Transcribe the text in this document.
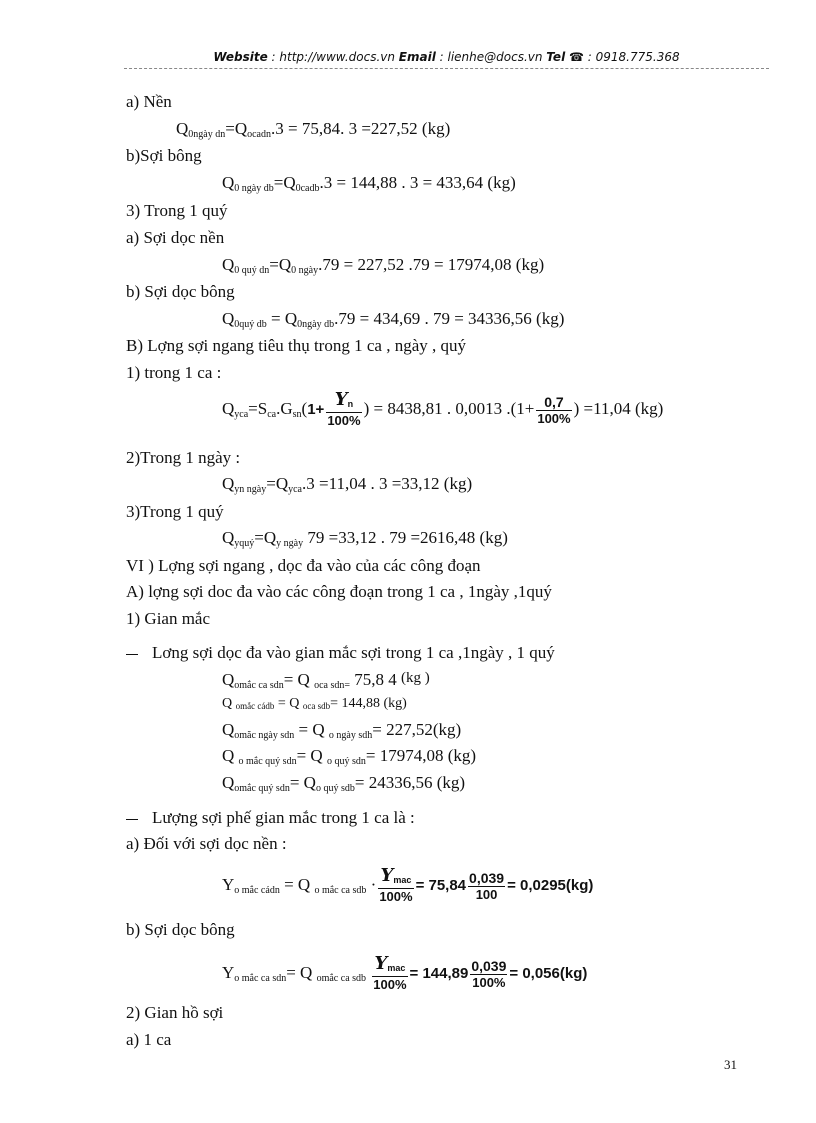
Website : http://www.docs.vn Email : lienhe@docs.vn Tel ☎ : 0918.775.368
a) Nền
Q0ngày dn=Qocadn.3 = 75,84. 3 =227,52 (kg)
b)Sợi bông
Q0 ngày db=Q0cadb.3 = 144,88 . 3 = 433,64 (kg)
3) Trong 1 quý
a) Sợi dọc nền
Q0 quý dn=Q0 ngày.79 = 227,52 .79 = 17974,08 (kg)
b) Sợi dọc bông
Q0quý db = Q0ngày db.79 = 434,69 . 79 = 34336,56 (kg)
B) Lợng sợi ngang tiêu thụ trong 1 ca , ngày , quý
1) trong 1 ca :
Qyca=Sca.Gsn(1+ $\frac{Yn}{100\%}$ ) = 8438,81 . 0,0013 $.(1+ \frac{0,7}{100\%}$ ) =11,04 (kg)
2)Trong 1 ngày :
Qyn ngày=Qyca.3 =11,04 . 3 =33,12 (kg)
3)Trong 1 quý
Qyquý=Qy ngày 79 =33,12 . 79 =2616,48 (kg)
VI ) Lợng sợi ngang , dọc đa vào của các công đoạn
A) lợng sợi doc đa vào các công đoạn trong 1 ca , 1ngày ,1quý
1) Gian mắc
Lơng sợi dọc đa vào gian mắc sợi trong 1 ca ,1ngày , 1 quý
Qomắc ca sdn= Q oca sdn= 75,8 4 (kg )
Q omắc cádb = Q oca sdb= 144,88 (kg)
Qomăc ngày sdn = Q o ngày sdh= 227,52(kg)
Q o mắc quý sdn= Q o quý sdn= 17974,08 (kg)
Qomắc quý sdn= Qo quý sdb= 24336,56 (kg)
Lượng sợi phế gian mắc trong 1 ca là :
a) Đối với sợi dọc nền :
Yo mắc cádn = Q o mắc ca sdb · $\frac{\text{Ymac}}{100\%} = 75,84 \frac{0,039}{100} = 0,0295(kg)$
b) Sợi dọc bông
Yo mắc ca sdn= Q omắc ca sdb $\frac{\text{Ymac}}{100\%} = 144,89 \frac{0,039}{100\%} = 0,056(kg)$
2) Gian hồ sợi
a) 1 ca
31
